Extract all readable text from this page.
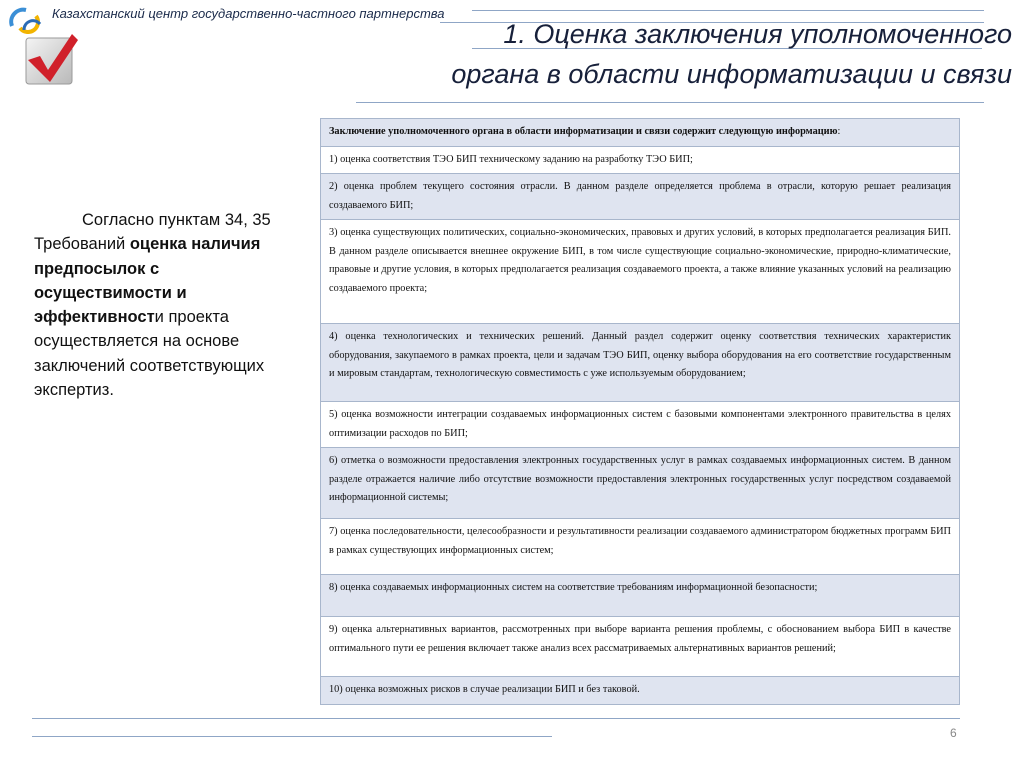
Казахстанский центр государственно-частного партнерства
1. Оценка заключения уполномоченного
органа в области информатизации и связи
Согласно пунктам 34, 35 Требований оценка наличия предпосылок с осуществимости и эффективности проекта осуществляется на основе заключений соответствующих экспертиз.
Заключение уполномоченного органа в области информатизации и связи содержит следующую информацию:
1) оценка соответствия ТЭО БИП техническому заданию на разработку ТЭО БИП;
2) оценка проблем текущего состояния отрасли. В данном разделе определяется проблема в отрасли, которую решает реализация создаваемого БИП;
3) оценка существующих политических, социально-экономических, правовых и других условий, в которых предполагается реализация БИП. В данном разделе описывается внешнее окружение БИП, в том числе существующие социально-экономические, природно-климатические, правовые и другие условия, в которых предполагается реализация создаваемого проекта, а также влияние указанных условий на реализацию создаваемого проекта;
4) оценка технологических и технических решений. Данный раздел содержит оценку соответствия технических характеристик оборудования, закупаемого в рамках проекта, цели и задачам ТЭО БИП, оценку выбора оборудования на его соответствие государственным и мировым стандартам, технологическую совместимость с уже используемым оборудованием;
5) оценка возможности интеграции создаваемых информационных систем с базовыми компонентами электронного правительства в целях оптимизации расходов по БИП;
6) отметка о возможности предоставления электронных государственных услуг в рамках создаваемых информационных систем. В данном разделе отражается наличие либо отсутствие возможности предоставления электронных государственных услуг посредством создаваемой информационной системы;
7) оценка последовательности, целесообразности и результативности реализации создаваемого администратором бюджетных программ БИП в рамках существующих информационных систем;
8) оценка создаваемых информационных систем на соответствие требованиям информационной безопасности;
9) оценка альтернативных вариантов, рассмотренных при выборе варианта решения проблемы, с обоснованием выбора БИП в качестве оптимального пути ее решения включает также анализ всех рассматриваемых альтернативных вариантов решений;
10) оценка возможных рисков в случае реализации БИП и без таковой.
6
